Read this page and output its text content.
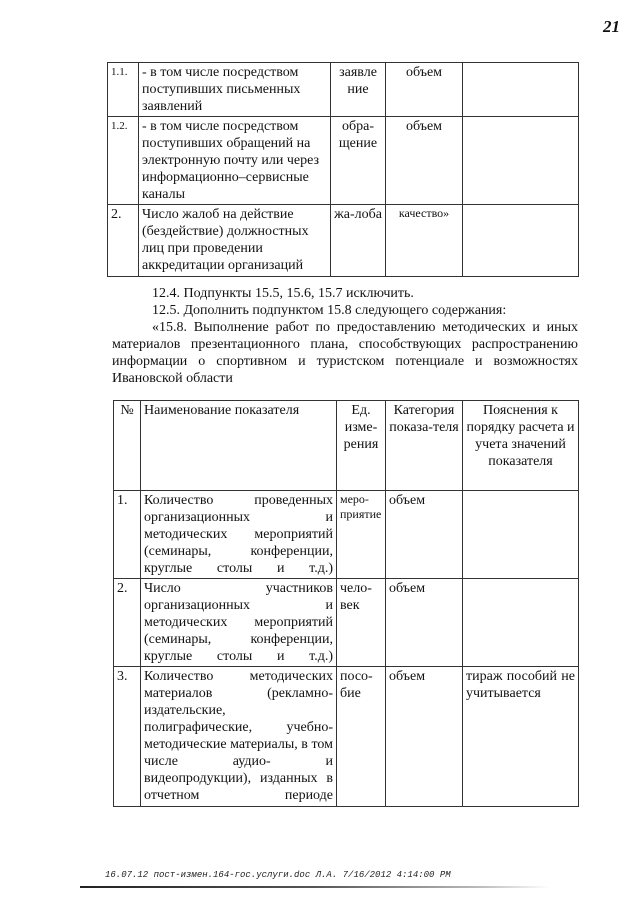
21
1.1.	- в том числе посредством поступивших письменных заявлений	заявле ние	объем	
1.2.	- в том числе посредством поступивших обращений на электронную почту или через информационно–сервисные каналы	обра-щение	объем	
2.	Число жалоб на действие (бездействие) должностных лиц при проведении аккредитации организаций	жа-лоба	качество»	
12.4. Подпункты 15.5, 15.6, 15.7 исключить.
12.5. Дополнить подпунктом 15.8 следующего содержания:
«15.8. Выполнение работ по предоставлению методических и иных материалов презентационного плана, способствующих распространению информации о спортивном и туристском потенциале и возможностях Ивановской области
№	Наименование показателя	Ед. изме-рения	Категория показа-теля	Пояснения к порядку расчета и учета значений показателя
1.	Количество проведенных организационных и методических мероприятий (семинары, конференции, круглые столы и т.д.)	меро-приятие	объем	
2.	Число участников организационных и методических мероприятий (семинары, конференции, круглые столы и т.д.)	чело-век	объем	
3.	Количество методических материалов (рекламно-издательские, полиграфические, учебно-методические материалы, в том числе аудио- и видеопродукции), изданных в отчетном периоде	посо-бие	объем	тираж пособий не учитывается
16.07.12 пост-измен.164-гос.услуги.doc Л.А. 7/16/2012 4:14:00 PM
